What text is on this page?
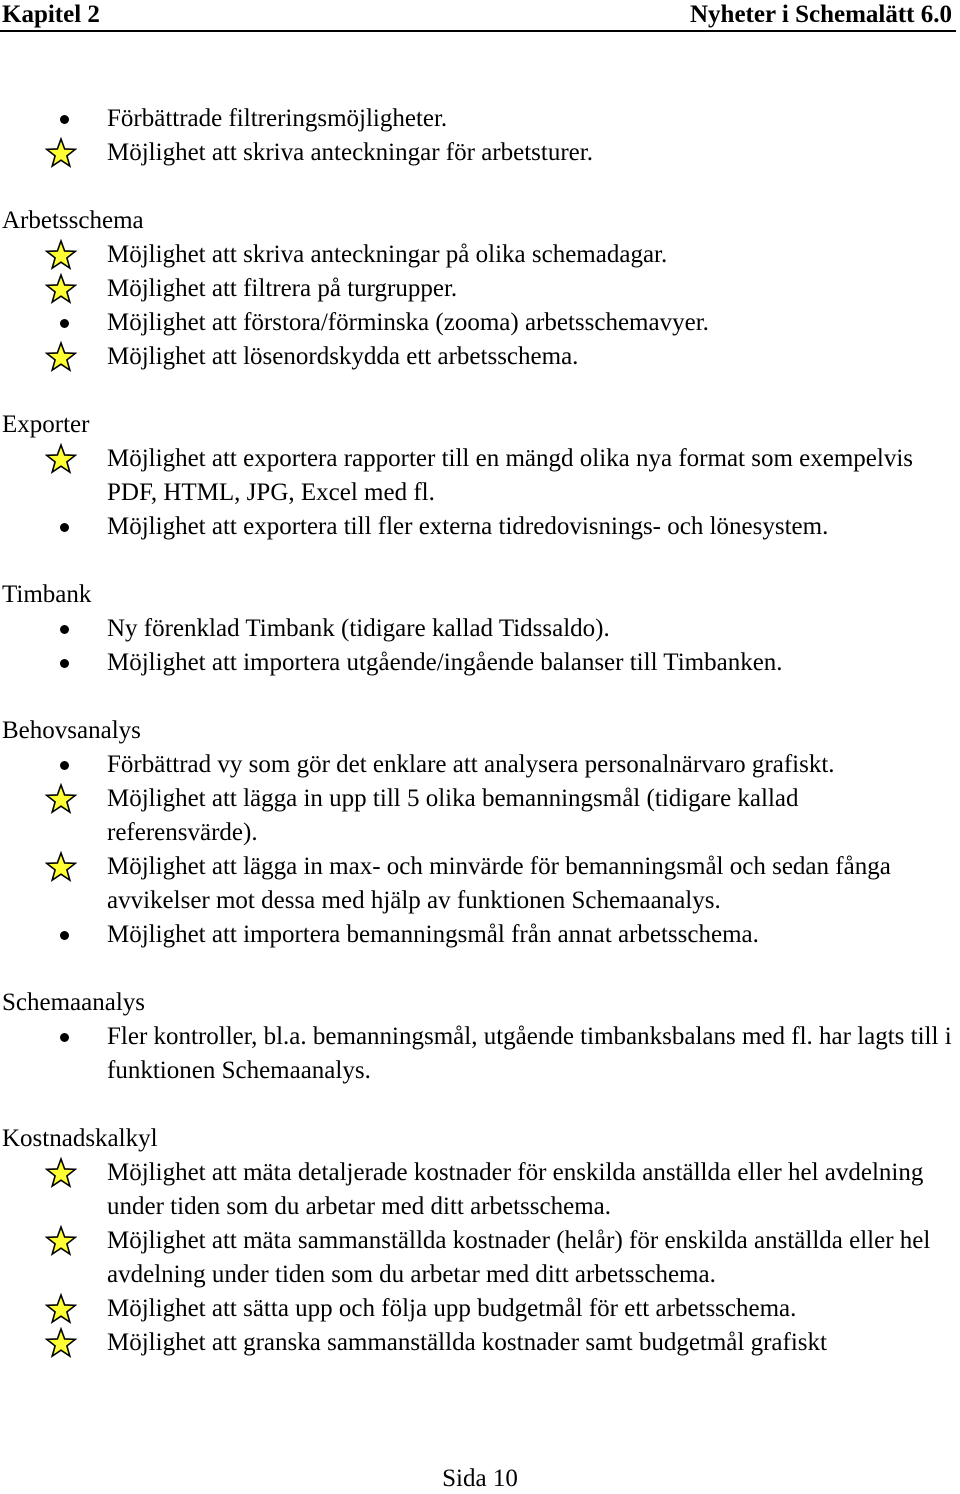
Kapitel 2	Nyheter i Schemalätt 6.0
Förbättrade filtreringsmöjligheter.
Möjlighet att skriva anteckningar för arbetsturer.
Arbetsschema
Möjlighet att skriva anteckningar på olika schemadagar.
Möjlighet att filtrera på turgrupper.
Möjlighet att förstora/förminska (zooma) arbetsschemavyer.
Möjlighet att lösenordskydda ett arbetsschema.
Exporter
Möjlighet att exportera rapporter till en mängd olika nya format som exempelvis PDF, HTML, JPG, Excel med fl.
Möjlighet att exportera till fler externa tidredovisnings- och lönesystem.
Timbank
Ny förenklad Timbank (tidigare kallad Tidssaldo).
Möjlighet att importera utgående/ingående balanser till Timbanken.
Behovsanalys
Förbättrad vy som gör det enklare att analysera personalnärvaro grafiskt.
Möjlighet att lägga in upp till 5 olika bemanningsmål (tidigare kallad referensvärde).
Möjlighet att lägga in max- och minvärde för bemanningsmål och sedan fånga avvikelser mot dessa med hjälp av funktionen Schemaanalys.
Möjlighet att importera bemanningsmål från annat arbetsschema.
Schemaanalys
Fler kontroller, bl.a. bemanningsmål, utgående timbanksbalans med fl. har lagts till i funktionen Schemaanalys.
Kostnadskalkyl
Möjlighet att mäta detaljerade kostnader för enskilda anställda eller hel avdelning under tiden som du arbetar med ditt arbetsschema.
Möjlighet att mäta sammanställda kostnader (helår) för enskilda anställda eller hel avdelning under tiden som du arbetar med ditt arbetsschema.
Möjlighet att sätta upp och följa upp budgetmål för ett arbetsschema.
Möjlighet att granska sammanställda kostnader samt budgetmål grafiskt
Sida 10
